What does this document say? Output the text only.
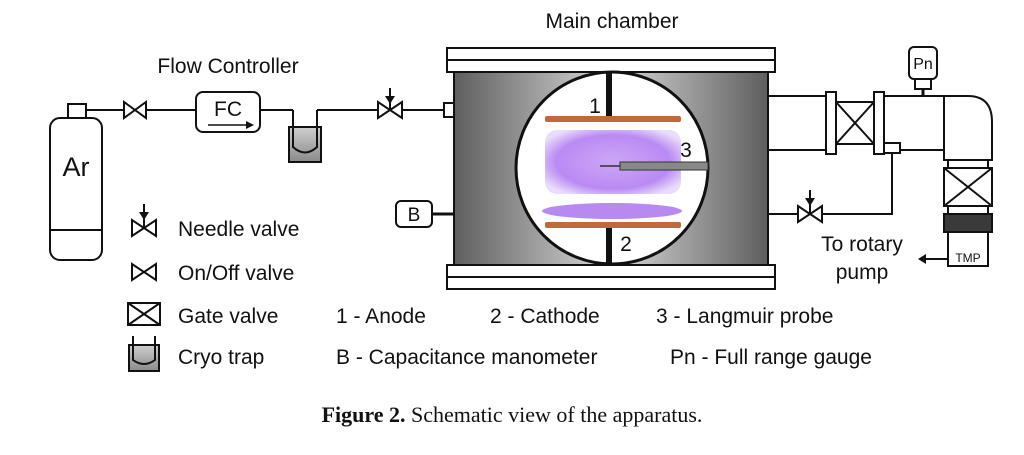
Main chamber
Flow Controller
Ar
FC	1
3
2
B
Pn
TMP
To rotary
pump
Needle valve
On/Off valve
Gate valve
Cryo trap
1 - Anode	2 - Cathode	3 - Langmuir probe
B - Capacitance manometer	Pn - Full range gauge
Figure 2. Schematic view of the apparatus.
